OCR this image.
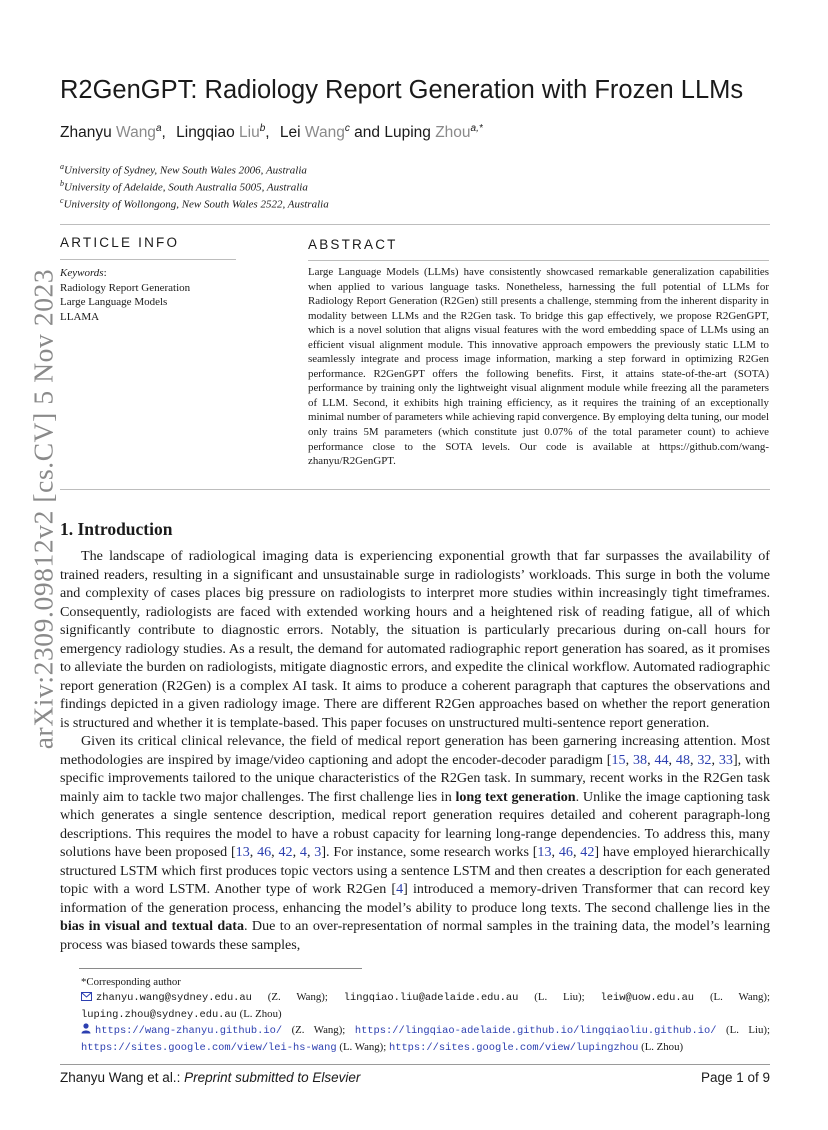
arXiv:2309.09812v2 [cs.CV] 5 Nov 2023
R2GenGPT: Radiology Report Generation with Frozen LLMs
Zhanyu Wang$^a$, Lingqiao Liu$^b$, Lei Wang$^c$ and Luping Zhou$^{a,*}$
$^a$University of Sydney, New South Wales 2006, Australia
$^b$University of Adelaide, South Australia 5005, Australia
$^c$University of Wollongong, New South Wales 2522, Australia
ARTICLE INFO	ABSTRACT
Keywords:
Radiology Report Generation
Large Language Models
LLAMA
Large Language Models (LLMs) have consistently showcased remarkable generalization capabilities when applied to various language tasks. Nonetheless, harnessing the full potential of LLMs for Radiology Report Generation (R2Gen) still presents a challenge, stemming from the inherent disparity in modality between LLMs and the R2Gen task. To bridge this gap effectively, we propose R2GenGPT, which is a novel solution that aligns visual features with the word embedding space of LLMs using an efficient visual alignment module. This innovative approach empowers the previously static LLM to seamlessly integrate and process image information, marking a step forward in optimizing R2Gen performance. R2GenGPT offers the following benefits. First, it attains state-of-the-art (SOTA) performance by training only the lightweight visual alignment module while freezing all the parameters of LLM. Second, it exhibits high training efficiency, as it requires the training of an exceptionally minimal number of parameters while achieving rapid convergence. By employing delta tuning, our model only trains 5M parameters (which constitute just 0.07% of the total parameter count) to achieve performance close to the SOTA levels. Our code is available at https://github.com/wang-zhanyu/R2GenGPT.
1. Introduction

The landscape of radiological imaging data is experiencing exponential growth that far surpasses the availability of trained readers, resulting in a significant and unsustainable surge in radiologists’ workloads. This surge in both the volume and complexity of cases places big pressure on radiologists to interpret more studies within increasingly tight timeframes. Consequently, radiologists are faced with extended working hours and a heightened risk of reading fatigue, all of which significantly contribute to diagnostic errors. Notably, the situation is particularly precarious during on-call hours for emergency radiology studies. As a result, the demand for automated radiographic report generation has soared, as it promises to alleviate the burden on radiologists, mitigate diagnostic errors, and expedite the clinical workflow. Automated radiographic report generation (R2Gen) is a complex AI task. It aims to produce a coherent paragraph that captures the observations and findings depicted in a given radiology image. There are different R2Gen approaches based on whether the report generation is structured and whether it is template-based. This paper focuses on unstructured multi-sentence report generation.

Given its critical clinical relevance, the field of medical report generation has been garnering increasing attention. Most methodologies are inspired by image/video captioning and adopt the encoder-decoder paradigm [15, 38, 44, 48, 32, 33], with specific improvements tailored to the unique characteristics of the R2Gen task. In summary, recent works in the R2Gen task mainly aim to tackle two major challenges. The first challenge lies in long text generation. Unlike the image captioning task which generates a single sentence description, medical report generation requires detailed and coherent paragraph-long descriptions. This requires the model to have a robust capacity for learning long-range dependencies. To address this, many solutions have been proposed [13, 46, 42, 4, 3]. For instance, some research works [13, 46, 42] have employed hierarchically structured LSTM which first produces topic vectors using a sentence LSTM and then creates a description for each generated topic with a word LSTM. Another type of work R2Gen [4] introduced a memory-driven Transformer that can record key information of the generation process, enhancing the model’s ability to produce long texts. The second challenge lies in the bias in visual and textual data. Due to an over-representation of normal samples in the training data, the model’s learning process was biased towards these samples,

*Corresponding author

zhanyu.wang@sydney.edu.au (Z. Wang); lingqiao.liu@adelaide.edu.au (L. Liu); leiw@uow.edu.au (L. Wang); luping.zhou@sydney.edu.au (L. Zhou)

https://wang-zhanyu.github.io/ (Z. Wang); https://lingqiao-adelaide.github.io/lingqiaoliu.github.io/ (L. Liu); https://sites.google.com/view/lei-hs-wang (L. Wang); https://sites.google.com/view/lupingzhou (L. Zhou)

Zhanyu Wang et al.: Preprint submitted to Elsevier	Page 1 of 9
